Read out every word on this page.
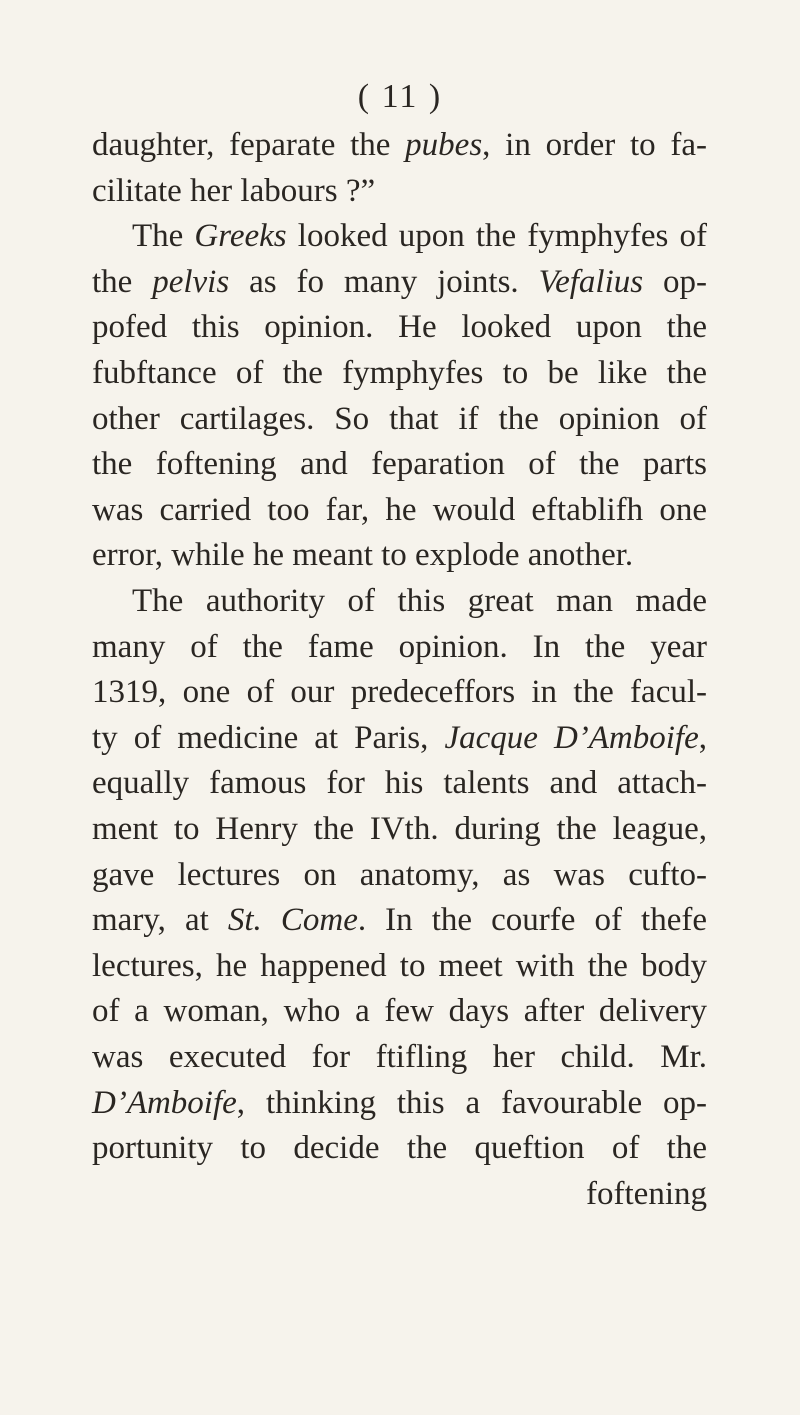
( 11 )
daughter, feparate the pubes, in order to fa-
cilitate her labours ?”
The Greeks looked upon the fymphyfes of
the pelvis as fo many joints. Vefalius op-
pofed this opinion. He looked upon the
fubftance of the fymphyfes to be like the
other cartilages. So that if the opinion of
the foftening and feparation of the parts
was carried too far, he would eftablifh one
error, while he meant to explode another.
The authority of this great man made
many of the fame opinion. In the year
1319, one of our predeceffors in the facul-
ty of medicine at Paris, Jacque D’Amboife,
equally famous for his talents and attach-
ment to Henry the IVth. during the league,
gave lectures on anatomy, as was cufto-
mary, at St. Come. In the courfe of thefe
lectures, he happened to meet with the body
of a woman, who a few days after delivery
was executed for ftifling her child. Mr.
D’Amboife, thinking this a favourable op-
portunity to decide the queftion of the
foftening
